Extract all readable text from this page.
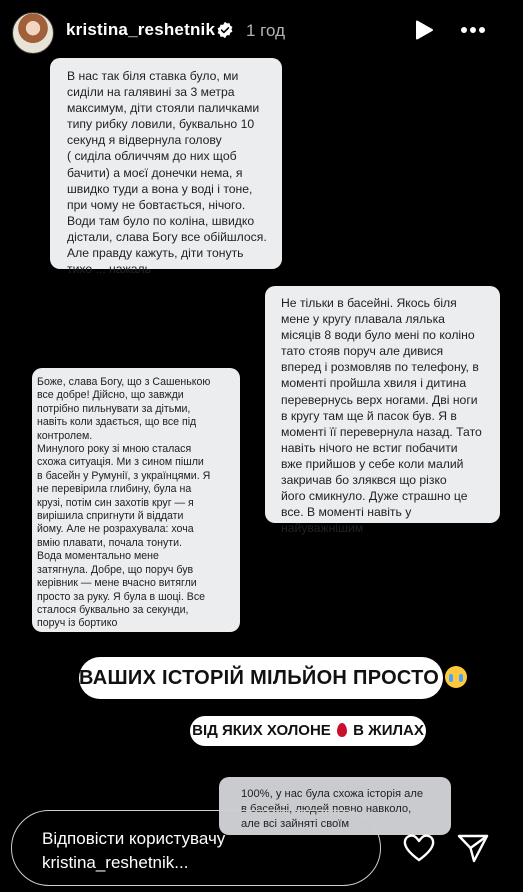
kristina_reshetnik 1 год

В нас так біля ставка було, ми
сиділи на галявині за 3 метра
максимум, діти стояли паличками
типу рибку ловили, буквально 10
секунд я відвернула голову
( сиділа обличчям до них щоб
бачити) а моєї донечки нема, я
швидко туди а вона у воді і тоне,
при чому не бовтається, нічого.
Води там було по коліна, швидко
дістали, слава Богу все обійшлося.
Але правду кажуть, діти тонуть
тихо ... нажаль

Не тільки в басейні. Якось біля
мене у кругу плавала лялька
місяців 8 води було мені по коліно
тато стояв поруч але дивися
вперед і розмовляв по телефону, в
моменті пройшла хвиля і дитина
перевернусь верх ногами. Дві ноги
в кругу там ще й пасок був. Я в
моменті її перевернула назад. Тато
навіть нічого не встиг побачити
вже прийшов у себе коли малий
закричав бо зляквся що різко
його смикнуло. Дуже страшно це
все. В моменті навіть у
найуважнішим

Боже, слава Богу, що з Сашенькою
все добре! Дійсно, що завжди
потрібно пильнувати за дітьми,
навіть коли здається, що все під
контролем.
Минулого року зі мною сталася
схожа ситуація. Ми з сином пішли
в басейн у Румунії, з українцями. Я
не перевірила глибину, була на
крузі, потім син захотів круг — я
вирішила спригнути й віддати
йому. Але не розрахувала: хоча
вмію плавати, почала тонути.
Вода моментально мене
затягнула. Добре, що поруч був
керівник — мене вчасно витягли
просто за руку. Я була в шоці. Все
сталося буквально за секунди,
поруч із бортико

100%, у нас була схожа історія але
в басейні, людей повно навколо,
але всі зайняті своїм

ВАШИХ ІСТОРІЙ МІЛЬЙОН ПРОСТО
ВІД ЯКИХ ХОЛОНЕ В ЖИЛАХ
Відповісти користувачу
kristina_reshetnik...
